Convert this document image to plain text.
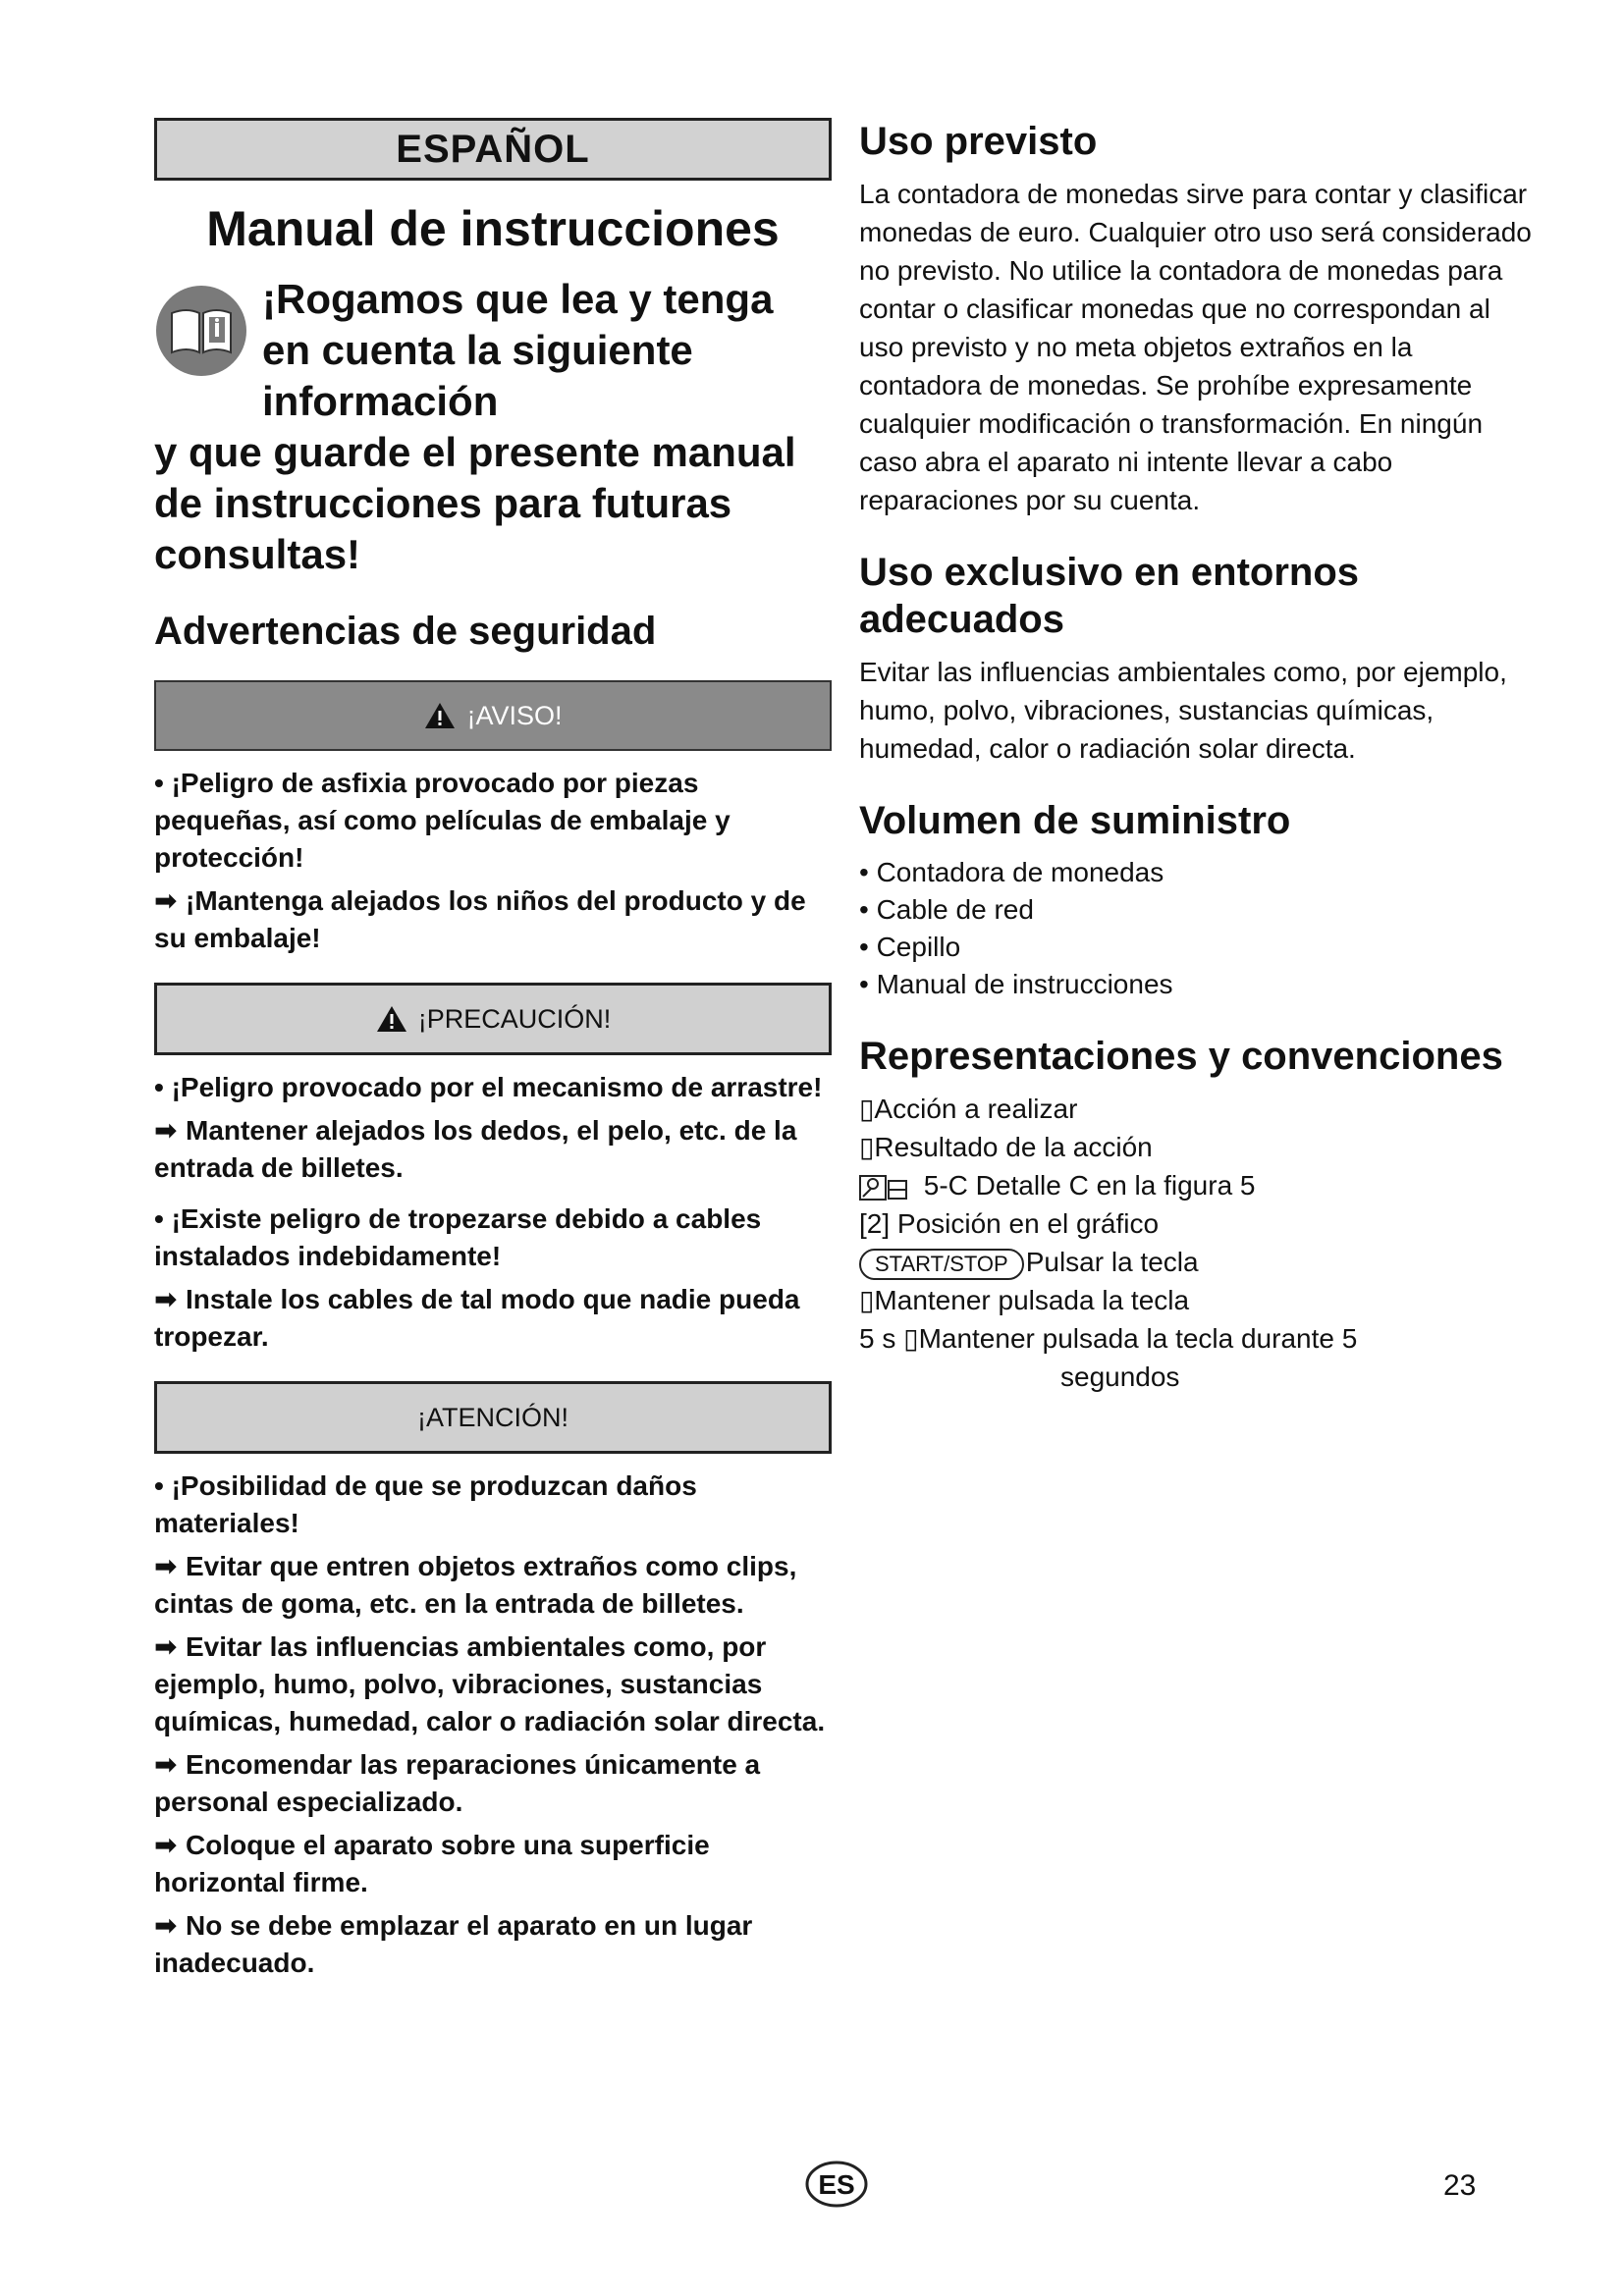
ESPAÑOL
Manual de instrucciones
¡Rogamos que lea y tenga en cuenta la siguiente información
y que guarde el presente manual de instrucciones para futuras consultas!
Advertencias de seguridad
¡AVISO!
• ¡Peligro de asfixia provocado por piezas pequeñas, así como películas de embalaje y protección!
➡ ¡Mantenga alejados los niños del producto y de su embalaje!
¡PRECAUCIÓN!
• ¡Peligro provocado por el mecanismo de arrastre!
➡ Mantener alejados los dedos, el pelo, etc. de la entrada de billetes.
• ¡Existe peligro de tropezarse debido a cables instalados indebidamente!
➡ Instale los cables de tal modo que nadie pueda tropezar.
¡ATENCIÓN!
• ¡Posibilidad de que se produzcan daños materiales!
➡ Evitar que entren objetos extraños como clips, cintas de goma, etc. en la entrada de billetes.
➡ Evitar las influencias ambientales como, por ejemplo, humo, polvo, vibraciones, sustancias químicas, humedad, calor o radiación solar directa.
➡ Encomendar las reparaciones únicamente a personal especializado.
➡ Coloque el aparato sobre una superficie horizontal firme.
➡ No se debe emplazar el aparato en un lugar inadecuado.
Uso previsto
La contadora de monedas sirve para contar y clasificar monedas de euro. Cualquier otro uso será considerado no previsto. No utilice la contadora de monedas para contar o clasificar monedas que no correspondan al uso previsto y no meta objetos extraños en la contadora de monedas. Se prohíbe expresamente cualquier modificación o transformación. En ningún caso abra el aparato ni intente llevar a cabo reparaciones por su cuenta.
Uso exclusivo en entornos adecuados
Evitar las influencias ambientales como, por ejemplo, humo, polvo, vibraciones, sustancias químicas, humedad, calor o radiación solar directa.
Volumen de suministro
• Contadora de monedas
• Cable de red
• Cepillo
• Manual de instrucciones
Representaciones y convenciones
▯Acción a realizar
▯Resultado de la acción
5-C Detalle C en la figura 5
[2] Posición en el gráfico
START/STOP Pulsar la tecla
▯Mantener pulsada la tecla
5 s ▯Mantener pulsada la tecla durante 5
segundos
ES	23
